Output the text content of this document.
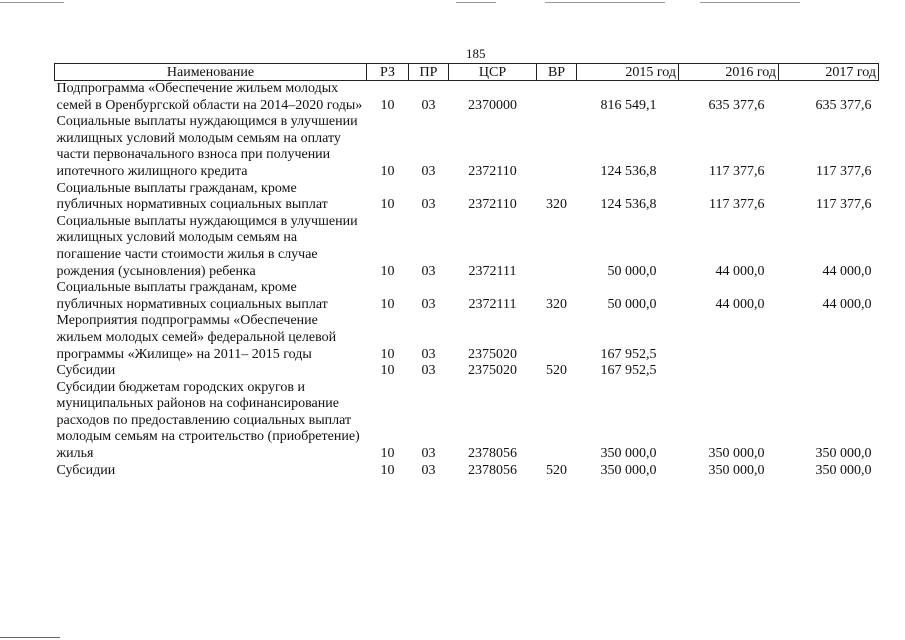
185
Наименование	РЗ	ПР	ЦСР	ВР	2015 год	2016 год	2017 год
Подпрограмма «Обеспечение жильем молодых семей в Оренбургской области на 2014–2020 годы»	10	03	2370000		816 549,1	635 377,6	635 377,6
Социальные выплаты нуждающимся в улучшении жилищных условий молодым семьям на оплату части первоначального взноса при получении ипотечного жилищного кредита	10	03	2372110		124 536,8	117 377,6	117 377,6
Социальные выплаты гражданам, кроме публичных нормативных социальных выплат	10	03	2372110	320	124 536,8	117 377,6	117 377,6
Социальные выплаты нуждающимся в улучшении жилищных условий молодым семьям на погашение части стоимости жилья в случае рождения (усыновления) ребенка	10	03	2372111		50 000,0	44 000,0	44 000,0
Социальные выплаты гражданам, кроме публичных нормативных социальных выплат	10	03	2372111	320	50 000,0	44 000,0	44 000,0
Мероприятия подпрограммы «Обеспечение жильем молодых семей» федеральной целевой программы «Жилище» на 2011– 2015 годы	10	03	2375020		167 952,5		
Субсидии	10	03	2375020	520	167 952,5		
Субсидии бюджетам городских округов и муниципальных районов на софинансирование расходов по предоставлению социальных выплат молодым семьям на строительство (приобретение) жилья	10	03	2378056		350 000,0	350 000,0	350 000,0
Субсидии	10	03	2378056	520	350 000,0	350 000,0	350 000,0
